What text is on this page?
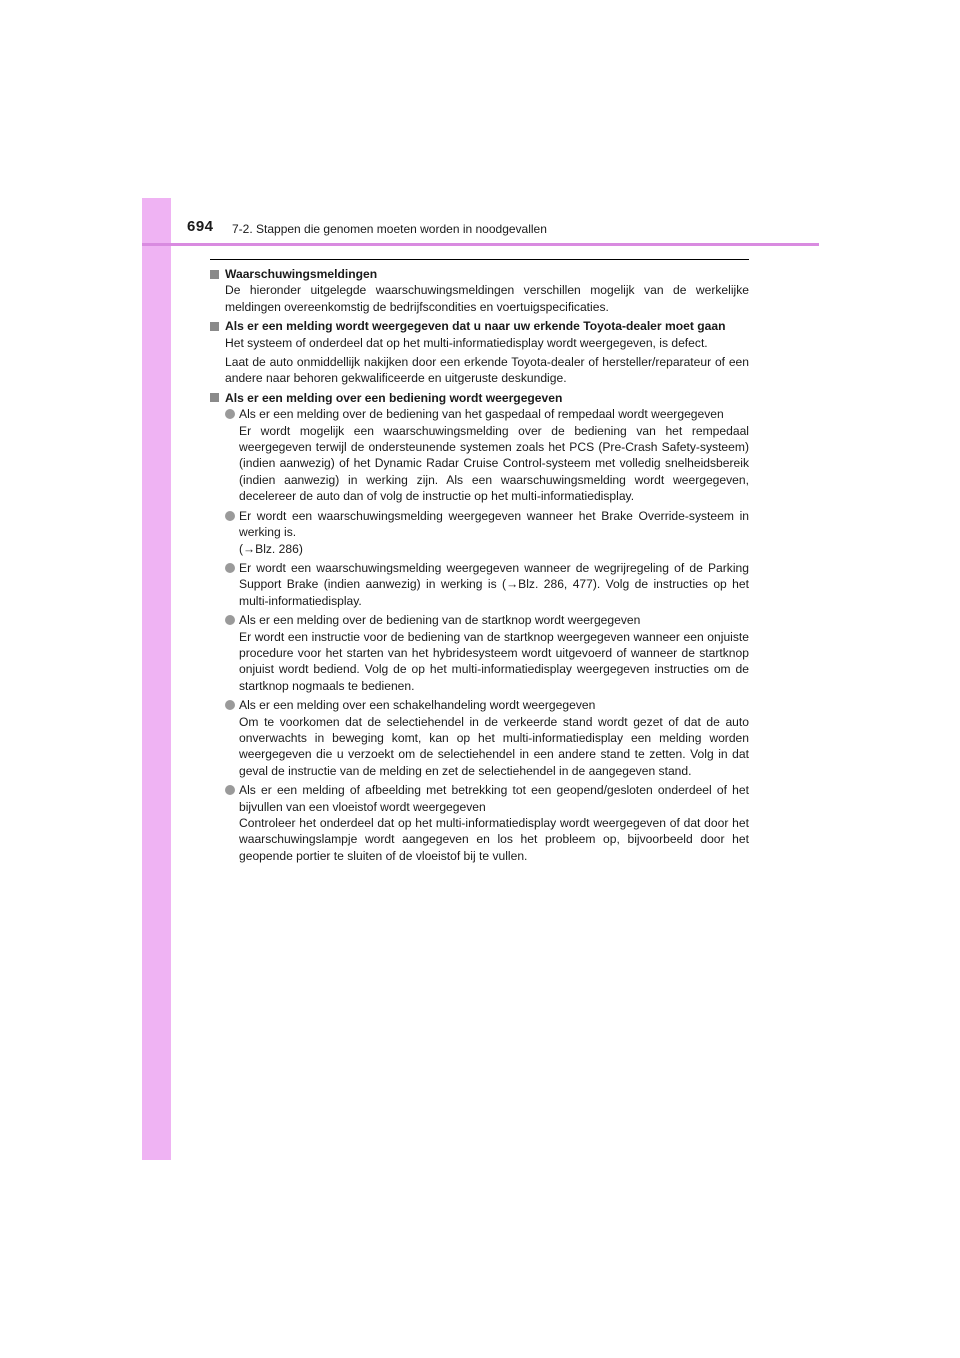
694 7-2. Stappen die genomen moeten worden in noodgevallen
Waarschuwingsmeldingen

De hieronder uitgelegde waarschuwingsmeldingen verschillen mogelijk van de werkelijke meldingen overeenkomstig de bedrijfscondities en voertuigspecificaties.

Als er een melding wordt weergegeven dat u naar uw erkende Toyota-dealer moet gaan

Het systeem of onderdeel dat op het multi-informatiedisplay wordt weergegeven, is defect.

Laat de auto onmiddellijk nakijken door een erkende Toyota-dealer of hersteller/reparateur of een andere naar behoren gekwalificeerde en uitgeruste deskundige.

Als er een melding over een bediening wordt weergegeven
Als er een melding over de bediening van het gaspedaal of rempedaal wordt weergegeven
Er wordt mogelijk een waarschuwingsmelding over de bediening van het rempedaal weergegeven terwijl de ondersteunende systemen zoals het PCS (Pre-Crash Safety-systeem) (indien aanwezig) of het Dynamic Radar Cruise Control-systeem met volledig snelheidsbereik (indien aanwezig) in werking zijn. Als een waarschuwingsmelding wordt weergegeven, decelereer de auto dan of volg de instructie op het multi-informatiedisplay.
Er wordt een waarschuwingsmelding weergegeven wanneer het Brake Override-systeem in werking is.
(→Blz. 286)
Er wordt een waarschuwingsmelding weergegeven wanneer de wegrijregeling of de Parking Support Brake (indien aanwezig) in werking is (→Blz. 286, 477). Volg de instructies op het multi-informatiedisplay.
Als er een melding over de bediening van de startknop wordt weergegeven
Er wordt een instructie voor de bediening van de startknop weergegeven wanneer een onjuiste procedure voor het starten van het hybridesysteem wordt uitgevoerd of wanneer de startknop onjuist wordt bediend. Volg de op het multi-informatiedisplay weergegeven instructies om de startknop nogmaals te bedienen.
Als er een melding over een schakelhandeling wordt weergegeven
Om te voorkomen dat de selectiehendel in de verkeerde stand wordt gezet of dat de auto onverwachts in beweging komt, kan op het multi-informatiedisplay een melding worden weergegeven die u verzoekt om de selectiehendel in een andere stand te zetten. Volg in dat geval de instructie van de melding en zet de selectiehendel in de aangegeven stand.
Als er een melding of afbeelding met betrekking tot een geopend/gesloten onderdeel of het bijvullen van een vloeistof wordt weergegeven
Controleer het onderdeel dat op het multi-informatiedisplay wordt weergegeven of dat door het waarschuwingslampje wordt aangegeven en los het probleem op, bijvoorbeeld door het geopende portier te sluiten of de vloeistof bij te vullen.
